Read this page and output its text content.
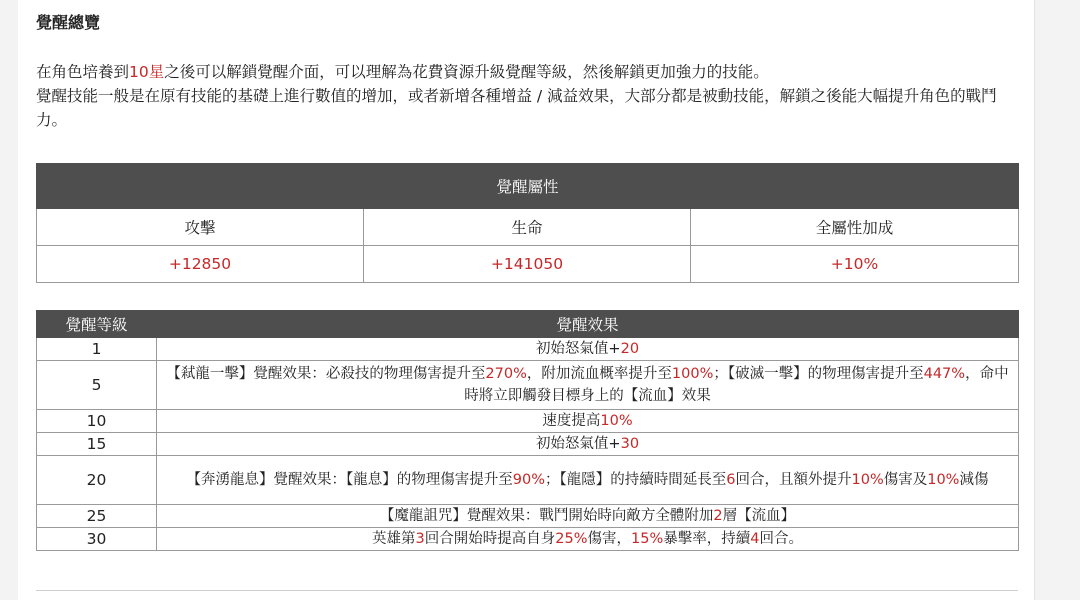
覺醒總覽

在角色培養到10星之後可以解鎖覺醒介面，可以理解為花費資源升級覺醒等級，然後解鎖更加強力的技能。

覺醒技能一般是在原有技能的基礎上進行數值的增加，或者新增各種增益 / 減益效果，大部分都是被動技能，解鎖之後能大幅提升角色的戰鬥力。

覺醒屬性		
攻擊	生命	全屬性加成
+12850	+141050	+10%
覺醒等級	覺醒效果
1	初始怒氣值+20
5	【弒龍一擊】覺醒效果：必殺技的物理傷害提升至270%，附加流血概率提升至100%；【破滅一擊】的物理傷害提升至447%，命中時將立即觸發目標身上的【流血】效果
10	速度提高10%
15	初始怒氣值+30
20	【奔湧龍息】覺醒效果：【龍息】的物理傷害提升至90%；【龍隱】的持續時間延長至6回合，且額外提升10%傷害及10%減傷
25	【魔龍詛咒】覺醒效果：戰鬥開始時向敵方全體附加2層【流血】
30	英雄第3回合開始時提高自身25%傷害，15%暴擊率，持續4回合。
